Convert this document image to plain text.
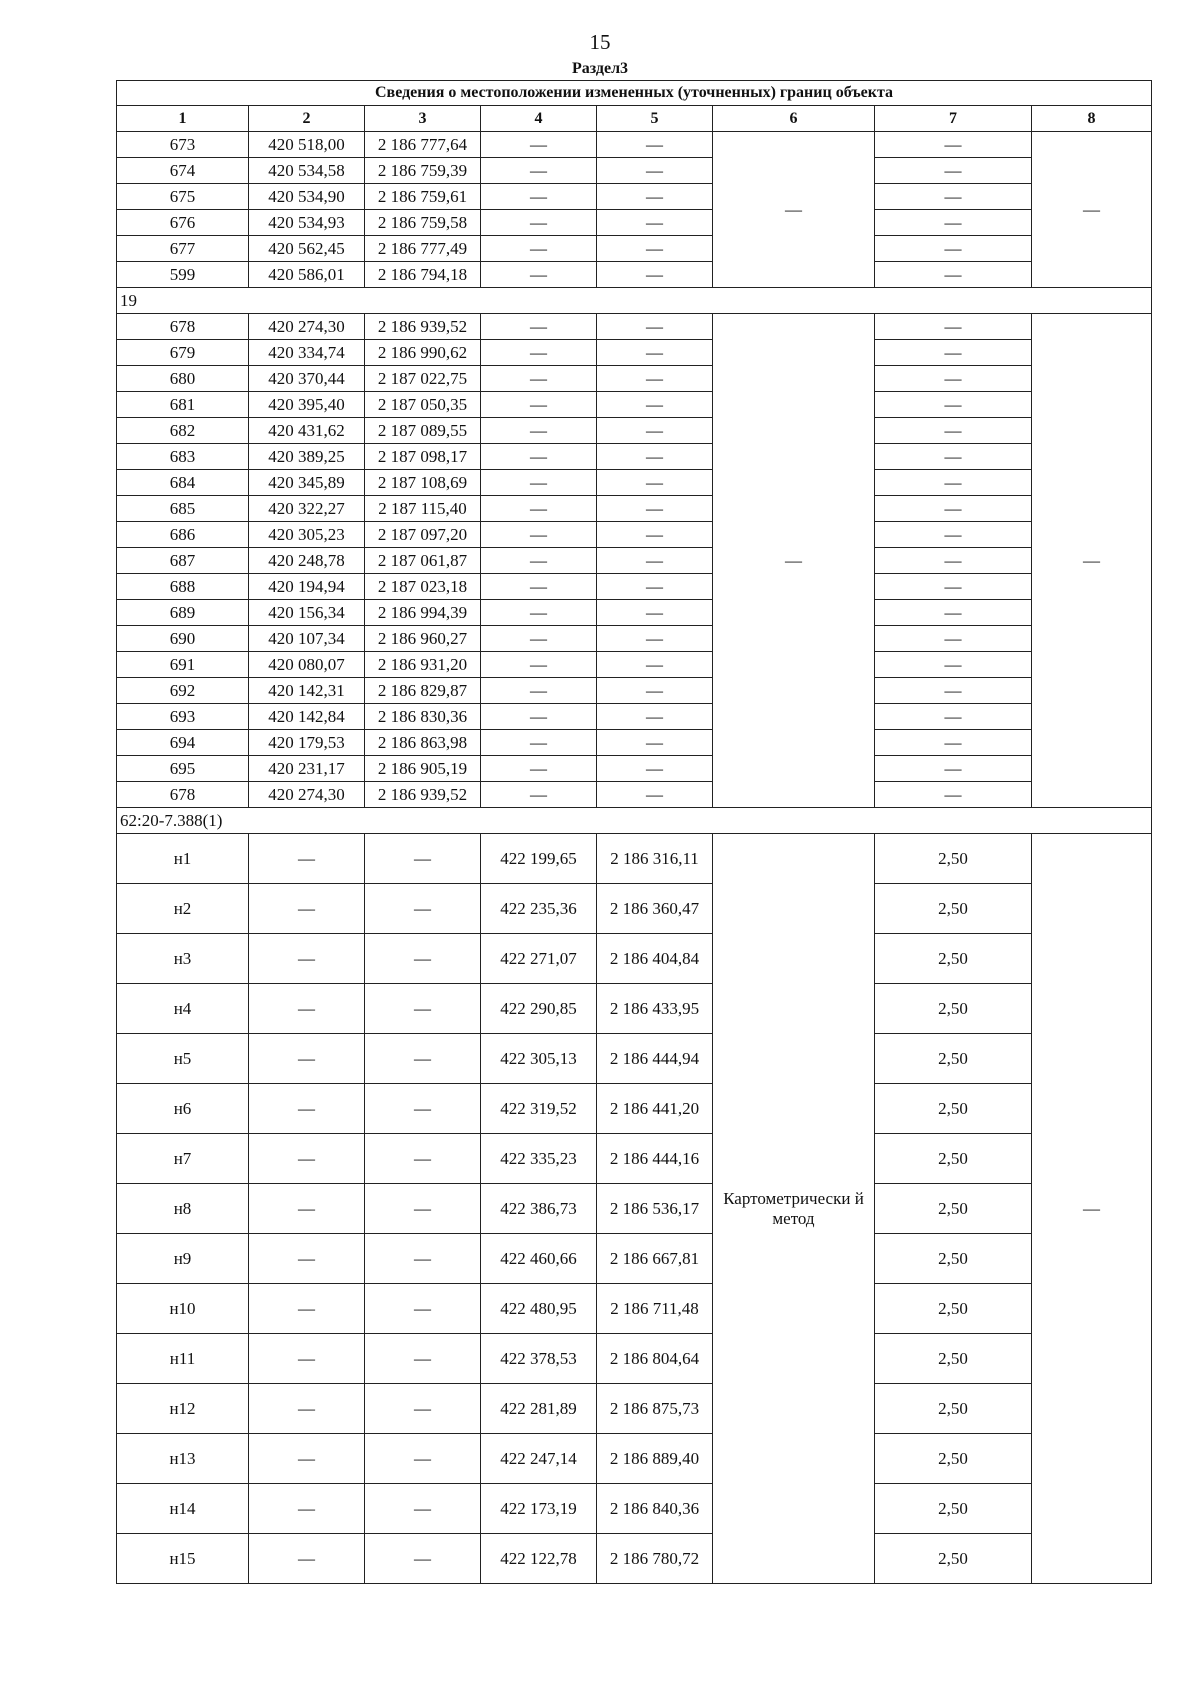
15
Раздел3
Сведения о местоположении измененных (уточненных) границ объекта							
1	2	3	4	5	6	7	8
673	420 518,00	2 186 777,64	—	—	—	—	—
674	420 534,58	2 186 759,39	—	—		—	
675	420 534,90	2 186 759,61	—	—		—	
676	420 534,93	2 186 759,58	—	—		—	
677	420 562,45	2 186 777,49	—	—		—	
599	420 586,01	2 186 794,18	—	—		—	
19							
678	420 274,30	2 186 939,52	—	—	—	—	—
679	420 334,74	2 186 990,62	—	—		—	
680	420 370,44	2 187 022,75	—	—		—	
681	420 395,40	2 187 050,35	—	—		—	
682	420 431,62	2 187 089,55	—	—		—	
683	420 389,25	2 187 098,17	—	—		—	
684	420 345,89	2 187 108,69	—	—		—	
685	420 322,27	2 187 115,40	—	—		—	
686	420 305,23	2 187 097,20	—	—		—	
687	420 248,78	2 187 061,87	—	—		—	
688	420 194,94	2 187 023,18	—	—		—	
689	420 156,34	2 186 994,39	—	—		—	
690	420 107,34	2 186 960,27	—	—		—	
691	420 080,07	2 186 931,20	—	—		—	
692	420 142,31	2 186 829,87	—	—		—	
693	420 142,84	2 186 830,36	—	—		—	
694	420 179,53	2 186 863,98	—	—		—	
695	420 231,17	2 186 905,19	—	—		—	
678	420 274,30	2 186 939,52	—	—		—	
62:20-7.388(1)							
н1	—	—	422 199,65	2 186 316,11	Картометрически й метод	2,50	—
н2	—	—	422 235,36	2 186 360,47		2,50	
н3	—	—	422 271,07	2 186 404,84		2,50	
н4	—	—	422 290,85	2 186 433,95		2,50	
н5	—	—	422 305,13	2 186 444,94		2,50	
н6	—	—	422 319,52	2 186 441,20		2,50	
н7	—	—	422 335,23	2 186 444,16		2,50	
н8	—	—	422 386,73	2 186 536,17		2,50	
н9	—	—	422 460,66	2 186 667,81		2,50	
н10	—	—	422 480,95	2 186 711,48		2,50	
н11	—	—	422 378,53	2 186 804,64		2,50	
н12	—	—	422 281,89	2 186 875,73		2,50	
н13	—	—	422 247,14	2 186 889,40		2,50	
н14	—	—	422 173,19	2 186 840,36		2,50	
н15	—	—	422 122,78	2 186 780,72		2,50	
